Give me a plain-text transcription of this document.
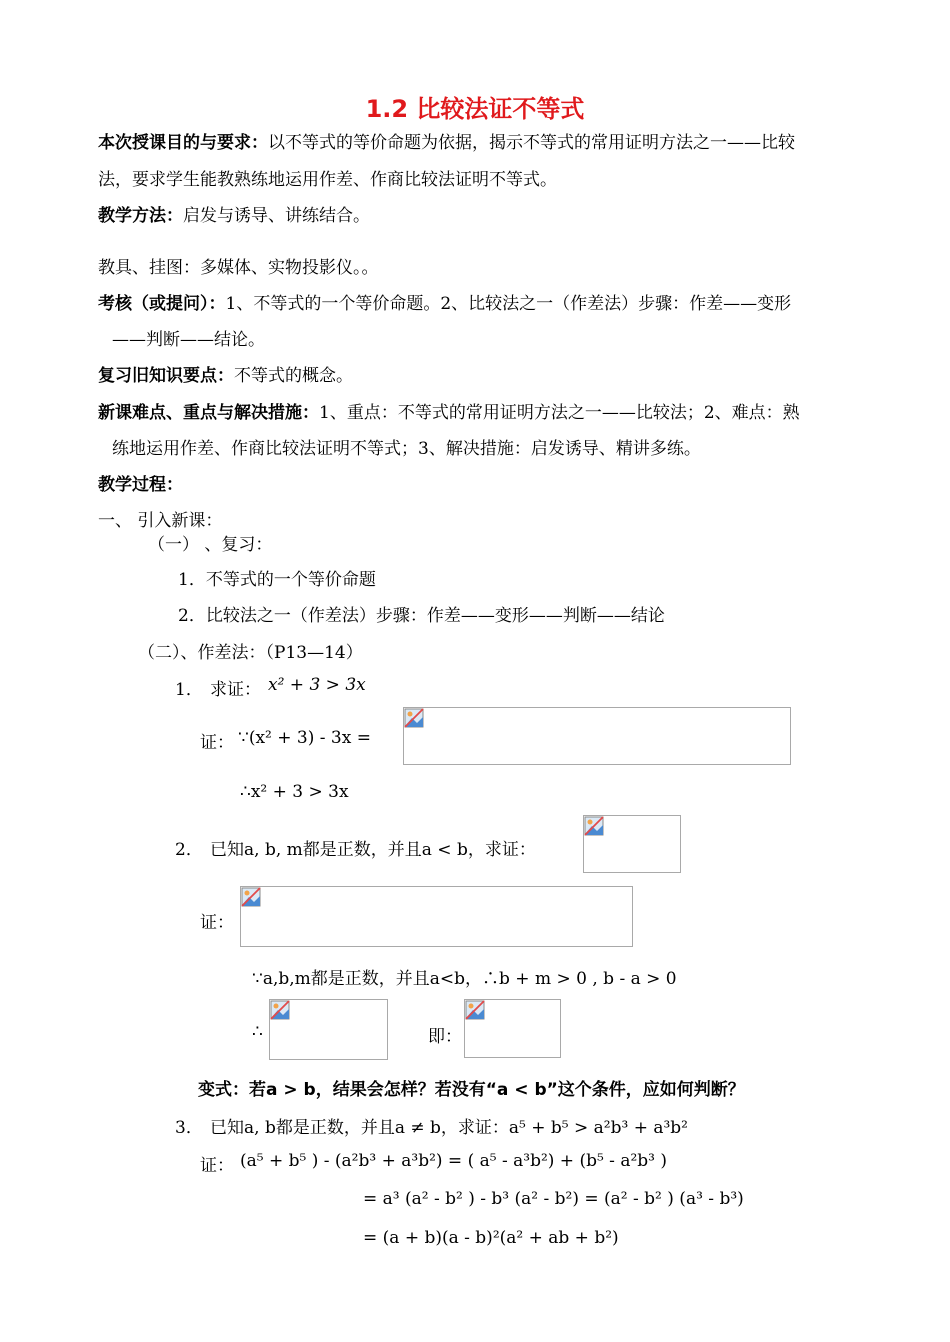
1.2 比较法证不等式
本次授课目的与要求：以不等式的等价命题为依据，揭示不等式的常用证明方法之一——比较
法，要求学生能教熟练地运用作差、作商比较法证明不等式。
教学方法：启发与诱导、讲练结合。
教具、挂图：多媒体、实物投影仪。。
考核（或提问）：1、不等式的一个等价命题。2、比较法之一（作差法）步骤：作差——变形
——判断——结论。
复习旧知识要点：不等式的概念。
新课难点、重点与解决措施：1、重点：不等式的常用证明方法之一——比较法；2、难点：熟
练地运用作差、作商比较法证明不等式；3、解决措施：启发诱导、精讲多练。
教学过程：
一、 引入新课：
（一） 、复习：
1．不等式的一个等价命题
2．比较法之一（作差法）步骤：作差——变形——判断——结论
（二）、作差法：（P13—14）
1． 求证： x² + 3 > 3x
证： ∵(x² + 3) - 3x =
∴x² + 3 > 3x
2． 已知a, b, m都是正数，并且a < b，求证：
证：
∵a,b,m都是正数，并且a<b，∴b + m > 0 , b - a > 0
∴	即：
变式：若a > b，结果会怎样？若没有“a < b”这个条件，应如何判断？
3． 已知a, b都是正数，并且a ≠ b，求证：a⁵ + b⁵ > a²b³ + a³b²
证： (a⁵ + b⁵ ) - (a²b³ + a³b²) = ( a⁵ - a³b²) + (b⁵ - a²b³ )
= a³ (a² - b² ) - b³ (a² - b²) = (a² - b² ) (a³ - b³)
= (a + b)(a - b)²(a² + ab + b²)
